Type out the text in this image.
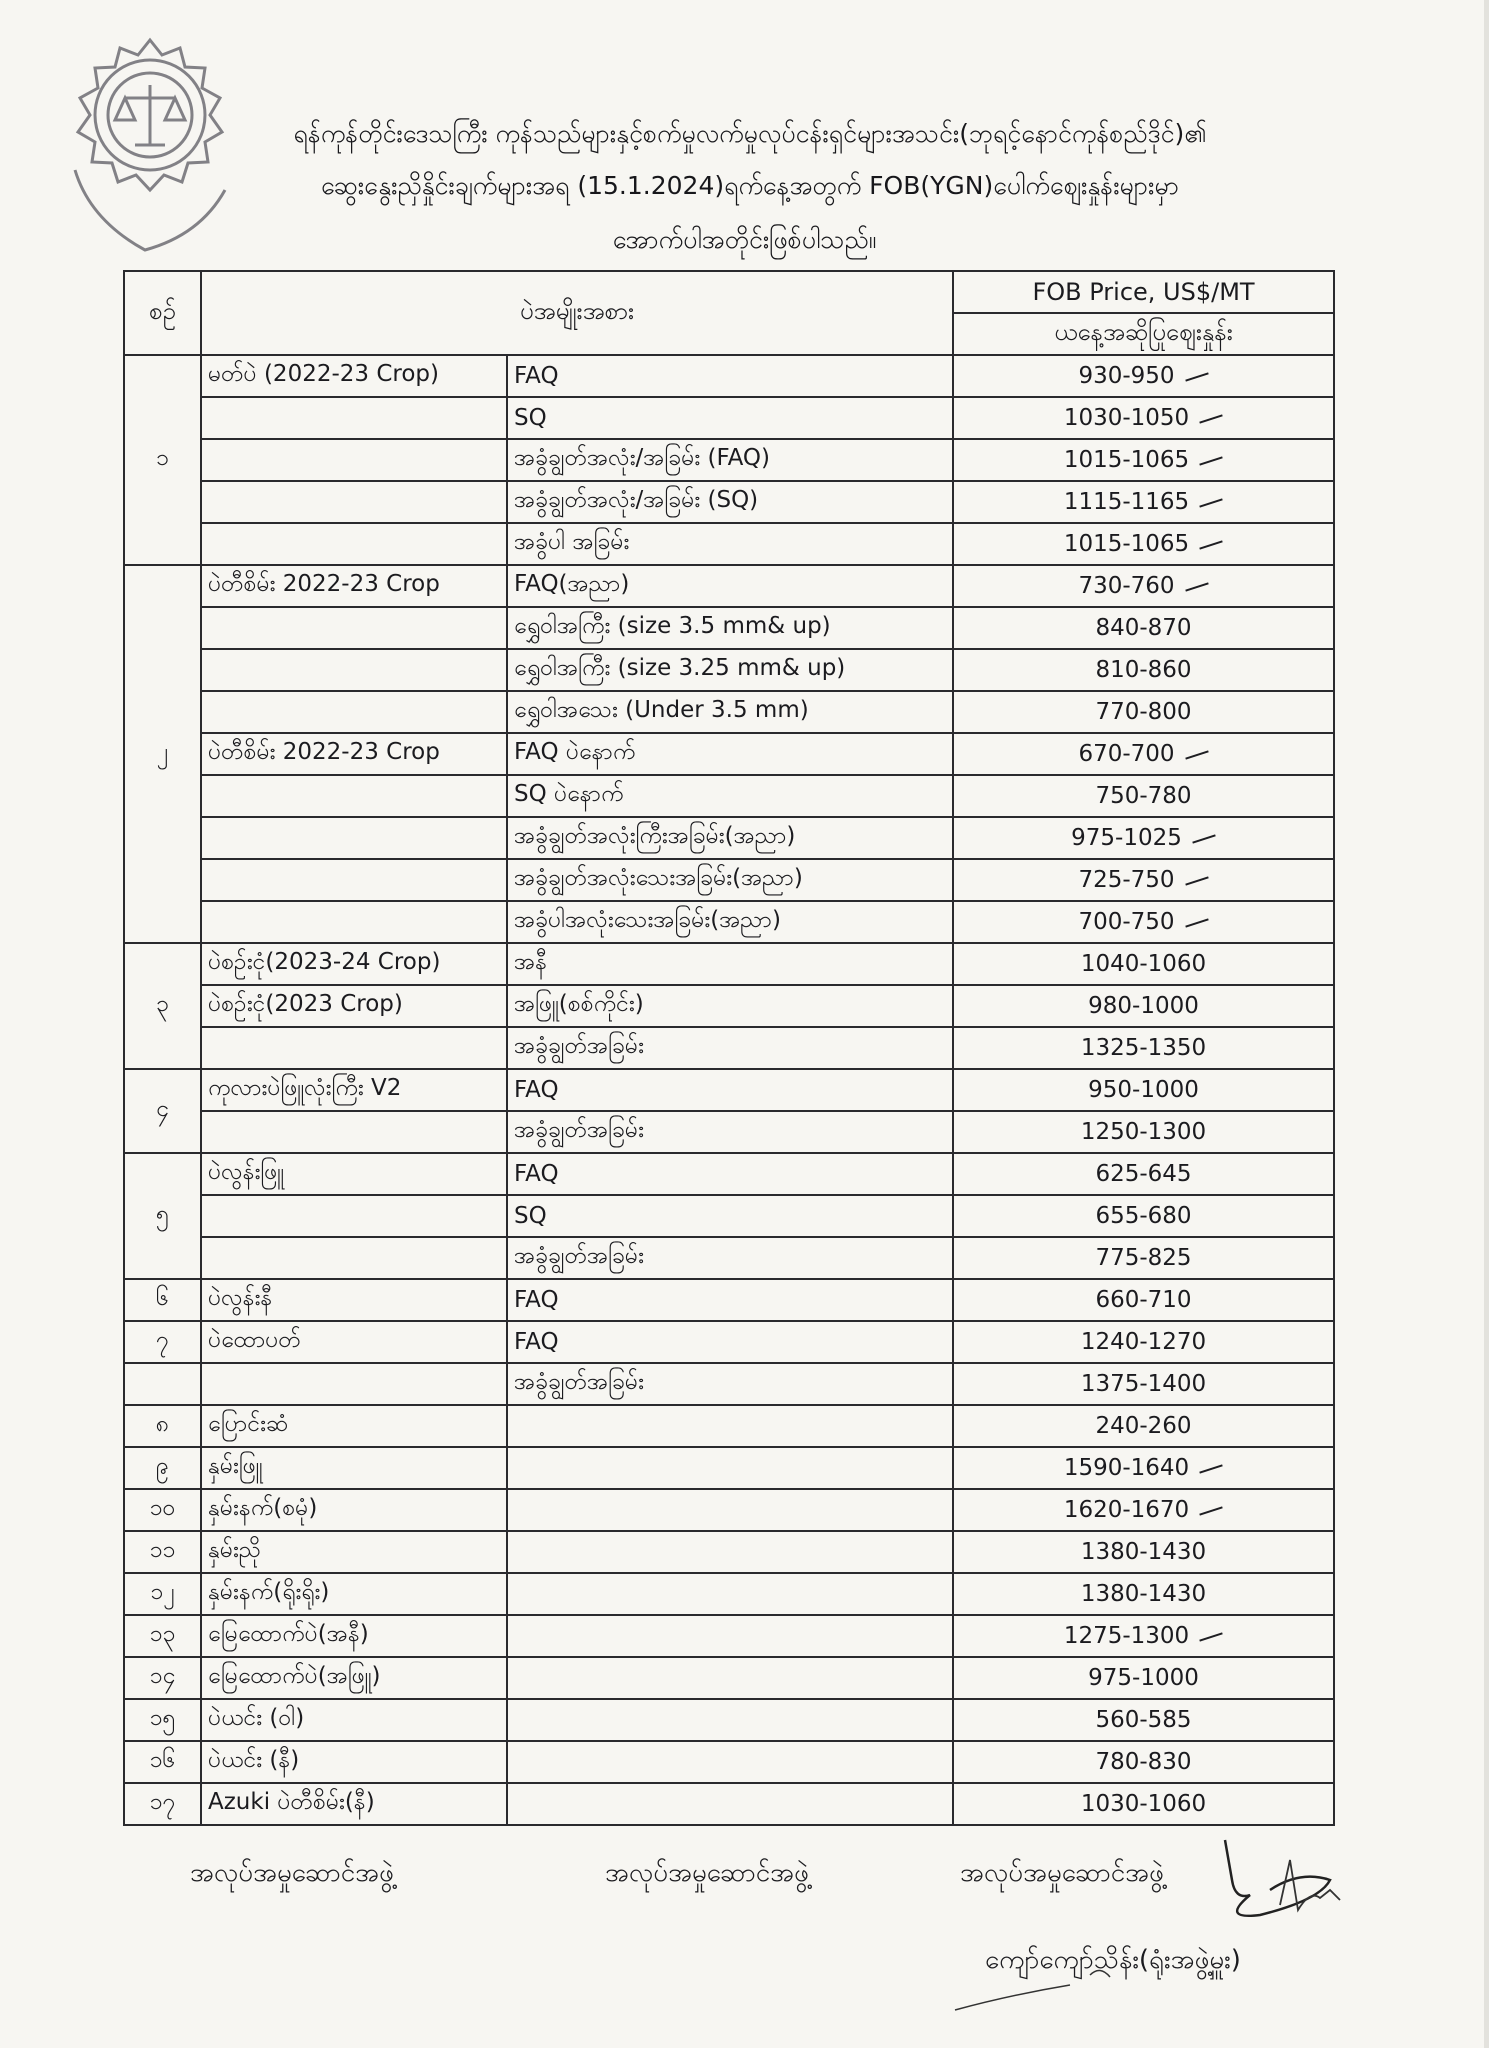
ရန်ကုန်တိုင်းဒေသကြီး ကုန်သည်များနှင့်စက်မှုလက်မှုလုပ်ငန်းရှင်များအသင်း(ဘုရင့်နောင်ကုန်စည်ဒိုင်)၏
ဆွေးနွေးညှိနှိုင်းချက်များအရ (15.1.2024)ရက်နေ့အတွက် FOB(YGN)ပေါက်ဈေးနှုန်းများမှာ
အောက်ပါအတိုင်းဖြစ်ပါသည်။
စဉ်	ပဲအမျိုးအစား		FOB Price, US$/MT
			ယနေ့အဆိုပြုဈေးနှုန်း
၁	မတ်ပဲ (2022-23 Crop)	FAQ	930-950
		SQ	1030-1050
		အခွံချွတ်အလုံး/အခြမ်း (FAQ)	1015-1065
		အခွံချွတ်အလုံး/အခြမ်း (SQ)	1115-1165
		အခွံပါ အခြမ်း	1015-1065
၂	ပဲတီစိမ်း 2022-23 Crop	FAQ(အညာ)	730-760
		ရွှေဝါအကြီး (size 3.5 mm& up)	840-870
		ရွှေဝါအကြီး (size 3.25 mm& up)	810-860
		ရွှေဝါအသေး (Under 3.5 mm)	770-800
	ပဲတီစိမ်း 2022-23 Crop	FAQ ပဲနောက်	670-700
		SQ ပဲနောက်	750-780
		အခွံချွတ်အလုံးကြီးအခြမ်း(အညာ)	975-1025
		အခွံချွတ်အလုံးသေးအခြမ်း(အညာ)	725-750
		အခွံပါအလုံးသေးအခြမ်း(အညာ)	700-750
၃	ပဲစဉ်းငုံ(2023-24 Crop)	အနီ	1040-1060
	ပဲစဉ်းငုံ(2023 Crop)	အဖြူ(စစ်ကိုင်း)	980-1000
		အခွံချွတ်အခြမ်း	1325-1350
၄	ကုလားပဲဖြူလုံးကြီး V2	FAQ	950-1000
		အခွံချွတ်အခြမ်း	1250-1300
၅	ပဲလွန်းဖြူ	FAQ	625-645
		SQ	655-680
		အခွံချွတ်အခြမ်း	775-825
၆	ပဲလွန်းနီ	FAQ	660-710
၇	ပဲထောပတ်	FAQ	1240-1270
		အခွံချွတ်အခြမ်း	1375-1400
၈	ပြောင်းဆံ		240-260
၉	နှမ်းဖြူ		1590-1640
၁၀	နှမ်းနက်(စမုံ)		1620-1670
၁၁	နှမ်းညို		1380-1430
၁၂	နှမ်းနက်(ရိုးရိုး)		1380-1430
၁၃	မြေထောက်ပဲ(အနီ)		1275-1300
၁၄	မြေထောက်ပဲ(အဖြူ)		975-1000
၁၅	ပဲယင်း (ဝါ)		560-585
၁၆	ပဲယင်း (နီ)		780-830
၁၇	Azuki ပဲတီစိမ်း(နီ)		1030-1060
အလုပ်အမှုဆောင်အဖွဲ့	အလုပ်အမှုဆောင်အဖွဲ့	အလုပ်အမှုဆောင်အဖွဲ့
ကျော်ကျော်သိန်း(ရုံးအဖွဲ့မှူး)
